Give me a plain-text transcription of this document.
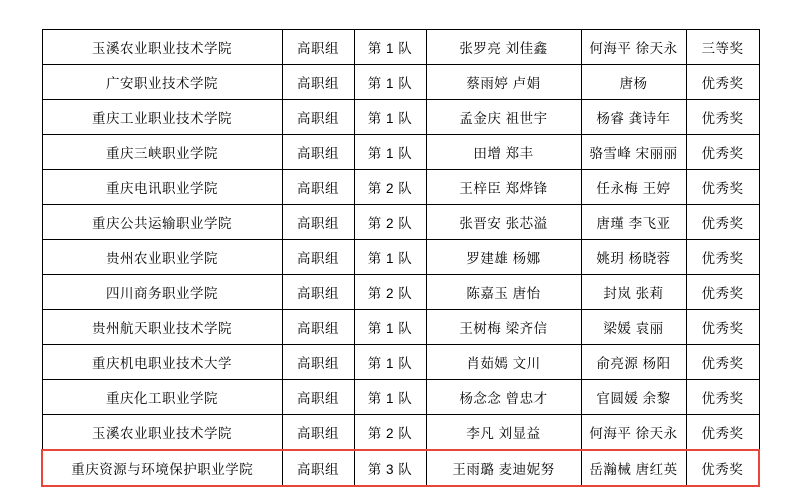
玉溪农业职业技术学院	高职组	第 1 队	张罗亮 刘佳鑫	何海平 徐天永	三等奖
广安职业技术学院	高职组	第 1 队	蔡雨婷 卢娟	唐杨	优秀奖
重庆工业职业技术学院	高职组	第 1 队	孟金庆 祖世宇	杨睿 龚诗年	优秀奖
重庆三峡职业学院	高职组	第 1 队	田增 郑丰	骆雪峰 宋丽丽	优秀奖
重庆电讯职业学院	高职组	第 2 队	王梓臣 郑烨锋	任永梅 王婷	优秀奖
重庆公共运输职业学院	高职组	第 2 队	张晋安 张芯溢	唐瑾 李飞亚	优秀奖
贵州农业职业学院	高职组	第 1 队	罗建雄 杨娜	姚玥 杨晓蓉	优秀奖
四川商务职业学院	高职组	第 2 队	陈嘉玉 唐怡	封岚 张莉	优秀奖
贵州航天职业技术学院	高职组	第 1 队	王树梅 梁齐信	梁媛 袁丽	优秀奖
重庆机电职业技术大学	高职组	第 1 队	肖茹嫣 文川	俞亮源 杨阳	优秀奖
重庆化工职业学院	高职组	第 1 队	杨念念 曾忠才	官圆媛 余黎	优秀奖
玉溪农业职业技术学院	高职组	第 2 队	李凡 刘显益	何海平 徐天永	优秀奖
重庆资源与环境保护职业学院	高职组	第 3 队	王雨璐 麦迪妮努	岳瀚械 唐红英	优秀奖
